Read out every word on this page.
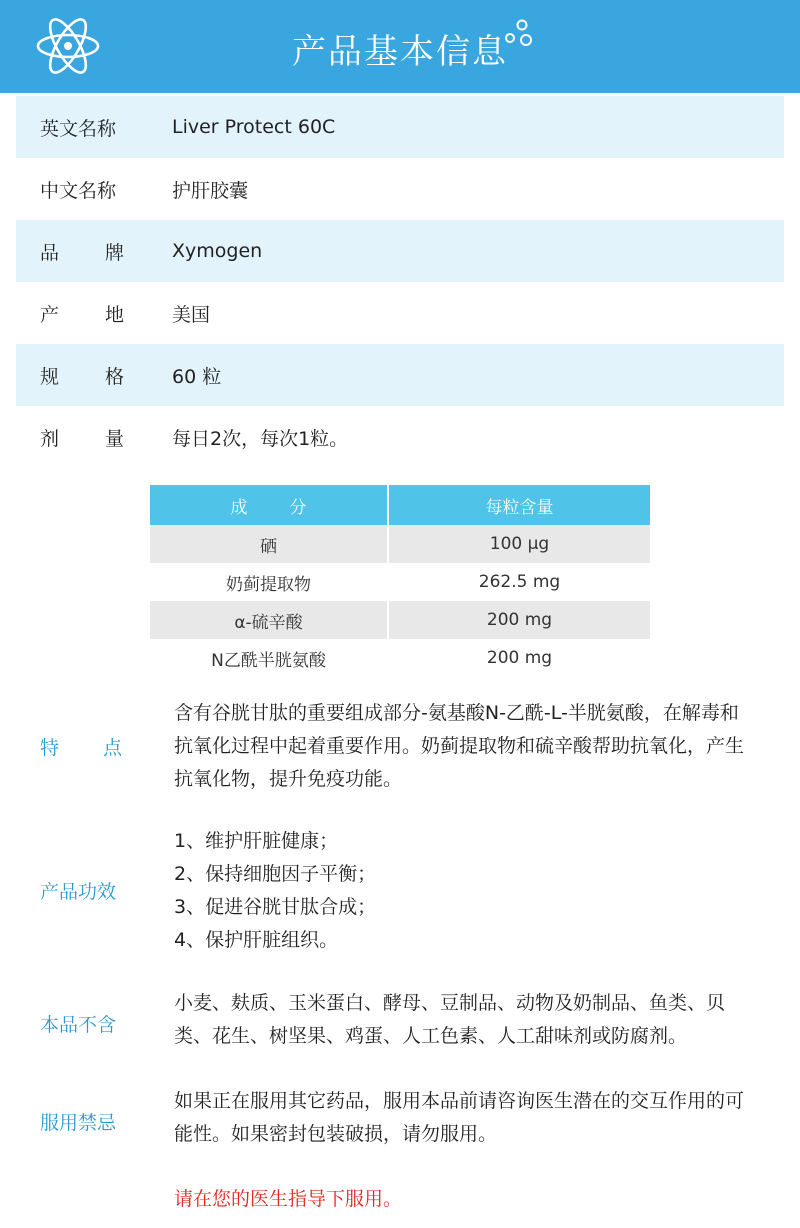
产品基本信息
英文名称	Liver Protect 60C
中文名称	护肝胶囊
品 牌	Xymogen
产 地	美国
规 格	60 粒
剂 量	每日2次，每次1粒。
成分	每粒含量
硒	100 μg
奶蓟提取物	262.5 mg
α-硫辛酸	200 mg
N乙酰半胱氨酸	200 mg
特 点
含有谷胱甘肽的重要组成部分-氨基酸N-乙酰-L-半胱氨酸，在解毒和抗氧化过程中起着重要作用。奶蓟提取物和硫辛酸帮助抗氧化，产生抗氧化物，提升免疫功能。
产品功效
1、维护肝脏健康；
2、保持细胞因子平衡；
3、促进谷胱甘肽合成；
4、保护肝脏组织。
本品不含
小麦、麸质、玉米蛋白、酵母、豆制品、动物及奶制品、鱼类、贝类、花生、树坚果、鸡蛋、人工色素、人工甜味剂或防腐剂。
服用禁忌
如果正在服用其它药品，服用本品前请咨询医生潜在的交互作用的可能性。如果密封包装破损，请勿服用。
请在您的医生指导下服用。
